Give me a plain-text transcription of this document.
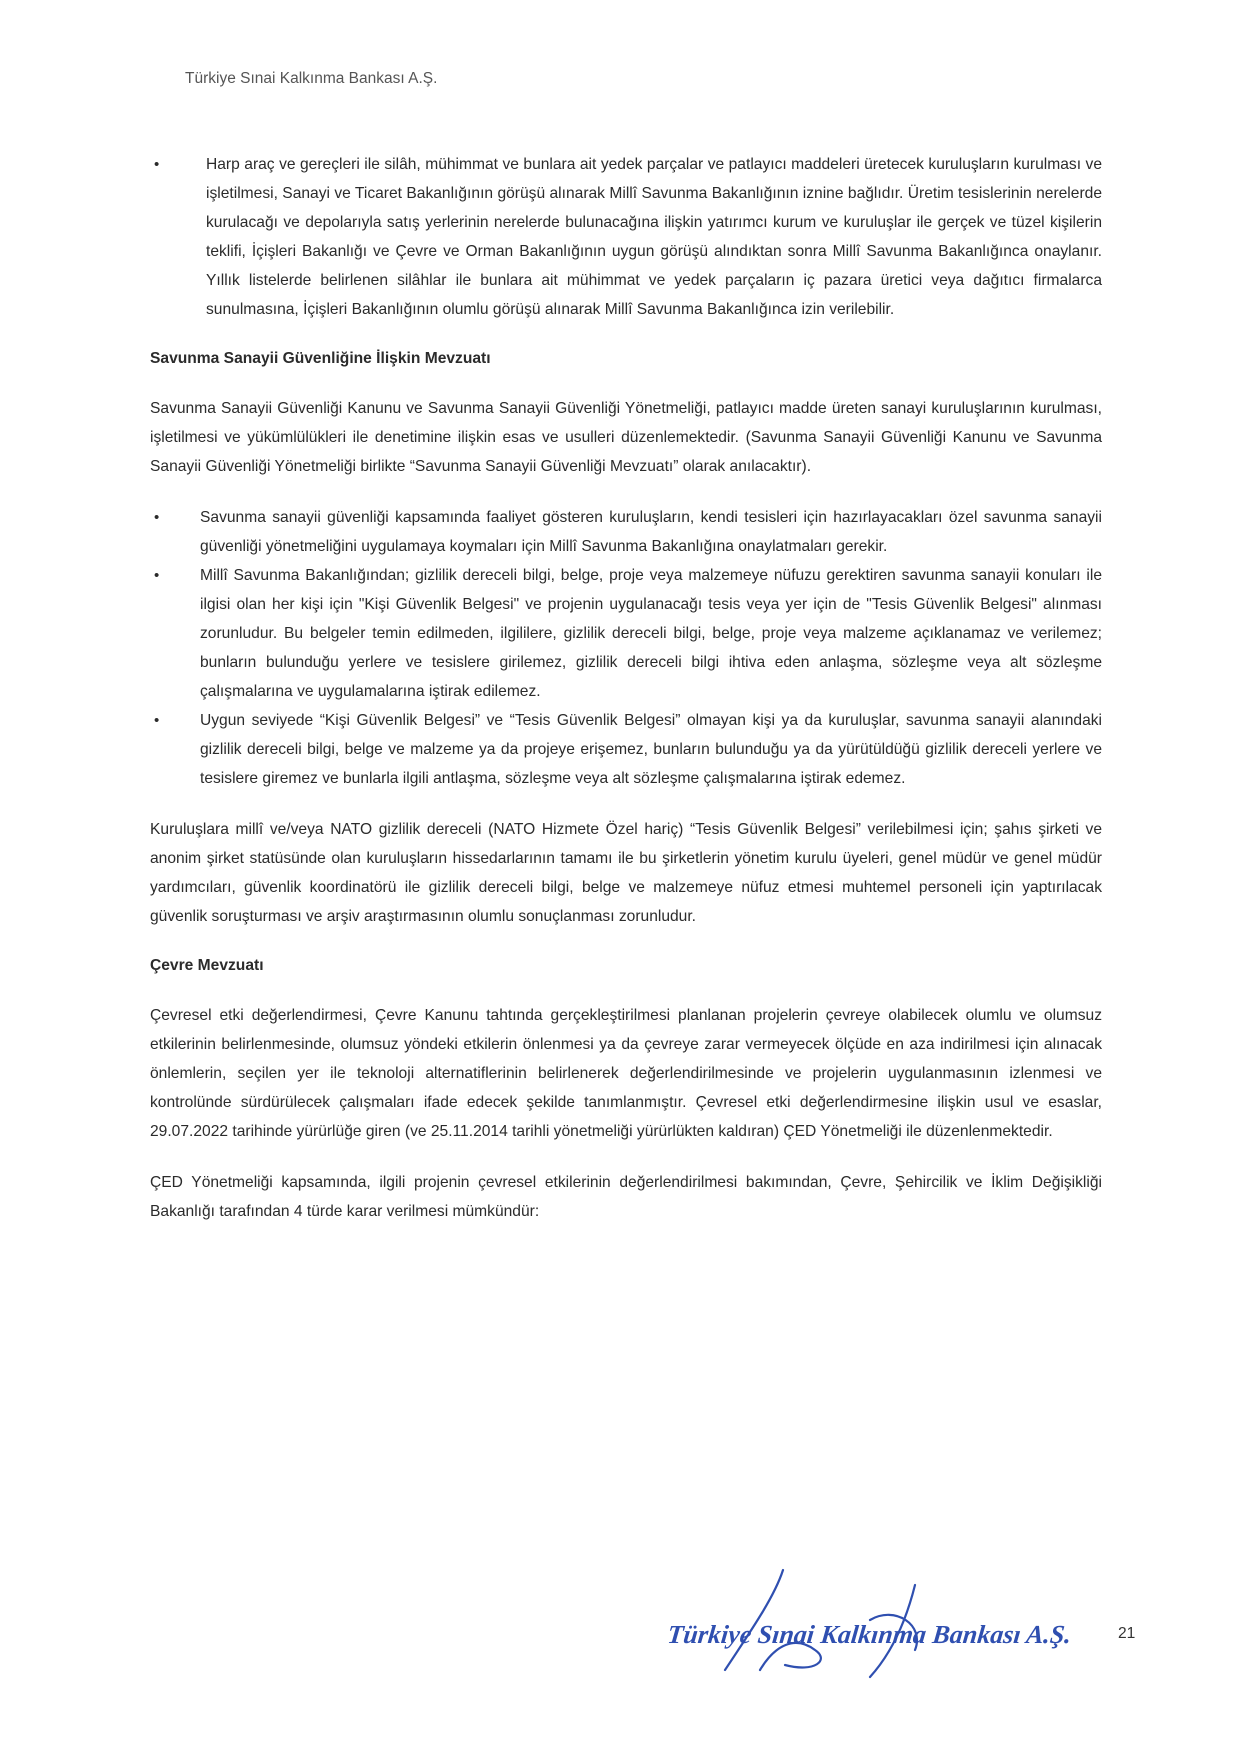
Türkiye Sınai Kalkınma Bankası A.Ş.
• Harp araç ve gereçleri ile silâh, mühimmat ve bunlara ait yedek parçalar ve patlayıcı maddeleri üretecek kuruluşların kurulması ve işletilmesi, Sanayi ve Ticaret Bakanlığının görüşü alınarak Millî Savunma Bakanlığının iznine bağlıdır. Üretim tesislerinin nerelerde kurulacağı ve depolarıyla satış yerlerinin nerelerde bulunacağına ilişkin yatırımcı kurum ve kuruluşlar ile gerçek ve tüzel kişilerin teklifi, İçişleri Bakanlığı ve Çevre ve Orman Bakanlığının uygun görüşü alındıktan sonra Millî Savunma Bakanlığınca onaylanır. Yıllık listelerde belirlenen silâhlar ile bunlara ait mühimmat ve yedek parçaların iç pazara üretici veya dağıtıcı firmalarca sunulmasına, İçişleri Bakanlığının olumlu görüşü alınarak Millî Savunma Bakanlığınca izin verilebilir.
Savunma Sanayii Güvenliğine İlişkin Mevzuatı

Savunma Sanayii Güvenliği Kanunu ve Savunma Sanayii Güvenliği Yönetmeliği, patlayıcı madde üreten sanayi kuruluşlarının kurulması, işletilmesi ve yükümlülükleri ile denetimine ilişkin esas ve usulleri düzenlemektedir. (Savunma Sanayii Güvenliği Kanunu ve Savunma Sanayii Güvenliği Yönetmeliği birlikte “Savunma Sanayii Güvenliği Mevzuatı” olarak anılacaktır).

• Savunma sanayii güvenliği kapsamında faaliyet gösteren kuruluşların, kendi tesisleri için hazırlayacakları özel savunma sanayii güvenliği yönetmeliğini uygulamaya koymaları için Millî Savunma Bakanlığına onaylatmaları gerekir.
• Millî Savunma Bakanlığından; gizlilik dereceli bilgi, belge, proje veya malzemeye nüfuzu gerektiren savunma sanayii konuları ile ilgisi olan her kişi için "Kişi Güvenlik Belgesi" ve projenin uygulanacağı tesis veya yer için de "Tesis Güvenlik Belgesi" alınması zorunludur. Bu belgeler temin edilmeden, ilgililere, gizlilik dereceli bilgi, belge, proje veya malzeme açıklanamaz ve verilemez; bunların bulunduğu yerlere ve tesislere girilemez, gizlilik dereceli bilgi ihtiva eden anlaşma, sözleşme veya alt sözleşme çalışmalarına ve uygulamalarına iştirak edilemez.
• Uygun seviyede “Kişi Güvenlik Belgesi” ve “Tesis Güvenlik Belgesi” olmayan kişi ya da kuruluşlar, savunma sanayii alanındaki gizlilik dereceli bilgi, belge ve malzeme ya da projeye erişemez, bunların bulunduğu ya da yürütüldüğü gizlilik dereceli yerlere ve tesislere giremez ve bunlarla ilgili antlaşma, sözleşme veya alt sözleşme çalışmalarına iştirak edemez.

Kuruluşlara millî ve/veya NATO gizlilik dereceli (NATO Hizmete Özel hariç) “Tesis Güvenlik Belgesi” verilebilmesi için; şahıs şirketi ve anonim şirket statüsünde olan kuruluşların hissedarlarının tamamı ile bu şirketlerin yönetim kurulu üyeleri, genel müdür ve genel müdür yardımcıları, güvenlik koordinatörü ile gizlilik dereceli bilgi, belge ve malzemeye nüfuz etmesi muhtemel personeli için yaptırılacak güvenlik soruşturması ve arşiv araştırmasının olumlu sonuçlanması zorunludur.

Çevre Mevzuatı

Çevresel etki değerlendirmesi, Çevre Kanunu tahtında gerçekleştirilmesi planlanan projelerin çevreye olabilecek olumlu ve olumsuz etkilerinin belirlenmesinde, olumsuz yöndeki etkilerin önlenmesi ya da çevreye zarar vermeyecek ölçüde en aza indirilmesi için alınacak önlemlerin, seçilen yer ile teknoloji alternatiflerinin belirlenerek değerlendirilmesinde ve projelerin uygulanmasının izlenmesi ve kontrolünde sürdürülecek çalışmaları ifade edecek şekilde tanımlanmıştır. Çevresel etki değerlendirmesine ilişkin usul ve esaslar, 29.07.2022 tarihinde yürürlüğe giren (ve 25.11.2014 tarihli yönetmeliği yürürlükten kaldıran) ÇED Yönetmeliği ile düzenlenmektedir.

ÇED Yönetmeliği kapsamında, ilgili projenin çevresel etkilerinin değerlendirilmesi bakımından, Çevre, Şehircilik ve İklim Değişikliği Bakanlığı tarafından 4 türde karar verilmesi mümkündür:

Türkiye Sınai Kalkınma Bankası A.Ş.	21
